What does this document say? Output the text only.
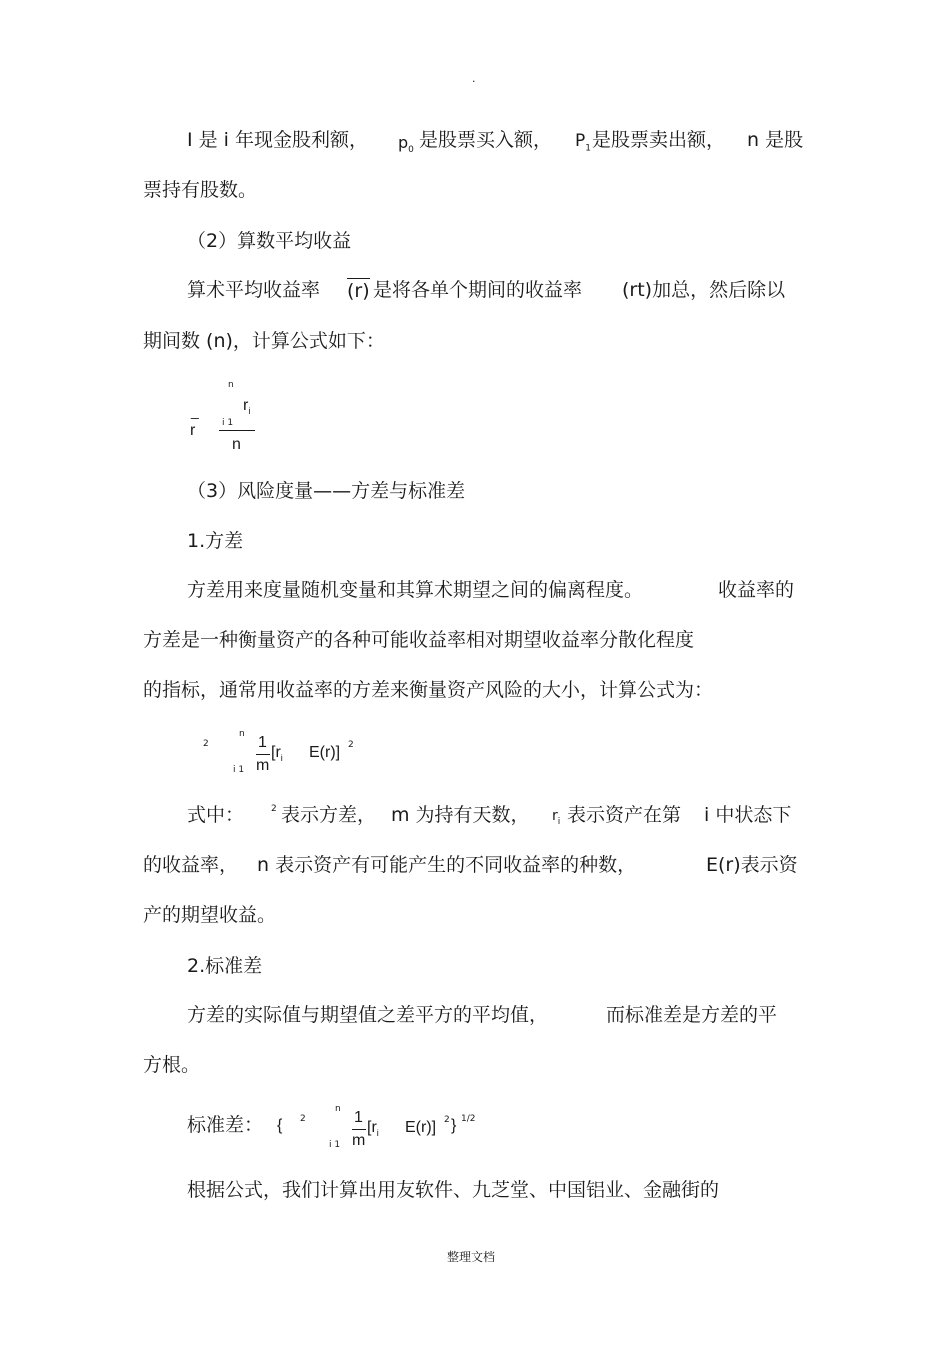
.
I 是 i 年现金股利额， $p_0$ 是股票买入额， $P_1$ 是股票卖出额， n 是股
票持有股数。
（2）算数平均收益
算术平均收益率 (r) 是将各单个期间的收益率 (rt)加总，然后除以
期间数 (n)，计算公式如下：
_
r
n
$r_i$
i 1
n
（3）风险度量——方差与标准差
1.方差
方差用来度量随机变量和其算术期望之间的偏离程度。	收益率的
方差是一种衡量资产的各种可能收益率相对期望收益率分散化程度
的指标，通常用收益率的方差来衡量资产风险的大小，计算公式为：
2
n 1
m
[$r_i$ E(r)] 2
i 1
式中：	2 表示方差， m 为持有天数， $r_i$ 表示资产在第 i 中状态下
的收益率， n 表示资产有可能产生的不同收益率的种数，	E(r)表示资
产的期望收益。
2.标准差
方差的实际值与期望值之差平方的平均值，	而标准差是方差的平
方根。
标准差： { 2
n 1
m
[$r_i$ E(r)] 2 } 1/2
i 1
根据公式，我们计算出用友软件、九芝堂、中国铝业、金融街的
整理文档
